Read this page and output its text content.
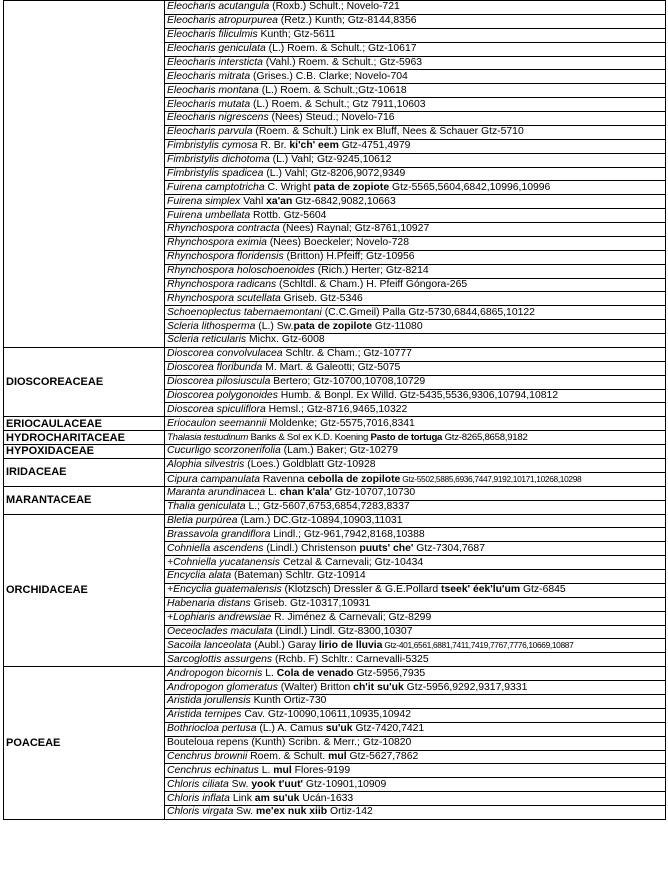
	Eleocharis acutangula (Roxb.) Schult.; Novelo-721
	Eleocharis atropurpurea (Retz.) Kunth; Gtz-8144,8356
	Eleocharis filiculmis Kunth; Gtz-5611
	Eleocharis geniculata (L.) Roem. & Schult.; Gtz-10617
	Eleocharis intersticta (Vahl.) Roem. & Schult.; Gtz-5963
	Eleocharis mitrata (Grises.) C.B. Clarke; Novelo-704
	Eleocharis montana (L.) Roem. & Schult.;Gtz-10618
	Eleocharis mutata (L.) Roem. & Schult.; Gtz 7911,10603
	Eleocharis nigrescens (Nees) Steud.; Novelo-716
	Eleocharis parvula (Roem. & Schult.) Link ex Bluff, Nees & Schauer Gtz-5710
	Fimbristylis cymosa R. Br. ki'ch' eem Gtz-4751,4979
	Fimbristylis dichotoma (L.) Vahl; Gtz-9245,10612
	Fimbristylis spadicea (L.) Vahl; Gtz-8206,9072,9349
	Fuirena camptotricha C. Wright pata de zopiote Gtz-5565,5604,6842,10996,10996
	Fuirena simplex Vahl xa'an Gtz-6842,9082,10663
	Fuirena umbellata Rottb. Gtz-5604
	Rhynchospora contracta (Nees) Raynal; Gtz-8761,10927
	Rhynchospora eximia (Nees) Boeckeler; Novelo-728
	Rhynchospora floridensis (Britton) H.Pfeiff; Gtz-10956
	Rhynchospora holoschoenoides (Rich.) Herter; Gtz-8214
	Rhynchospora radicans (Schltdl. & Cham.) H. Pfeiff Góngora-265
	Rhynchospora scutellata Griseb. Gtz-5346
	Schoenoplectus tabernaemontani (C.C.Gmeil) Palla Gtz-5730,6844,6865,10122
	Scleria lithosperma (L.) Sw.pata de zopilote Gtz-11080
	Scleria reticularis Michx. Gtz-6008
DIOSCOREACEAE	Dioscorea convolvulacea Schltr. & Cham.; Gtz-10777
	Dioscorea floribunda M. Mart. & Galeotti; Gtz-5075
	Dioscorea pilosiuscula Bertero; Gtz-10700,10708,10729
	Dioscorea polygonoides Humb. & Bonpl. Ex Willd. Gtz-5435,5536,9306,10794,10812
	Dioscorea spiculiflora Hemsl.; Gtz-8716,9465,10322
ERIOCAULACEAE	Eriocaulon seemannii Moldenke; Gtz-5575,7016,8341
HYDROCHARITACEAE	Thalasia testudinum Banks & Sol ex K.D. Koening Pasto de tortuga Gtz-8265,8658,9182
HYPOXIDACEAE	Cucurligo scorzonerifolia (Lam.) Baker; Gtz-10279
IRIDACEAE	Alophia silvestris (Loes.) Goldblatt Gtz-10928
	Cipura campanulata Ravenna cebolla de zopilote Gtz-5502,5885,6936,7447,9192,10171,10268,10298
MARANTACEAE	Maranta arundinacea L. chan k'ala' Gtz-10707,10730
	Thalia geniculata L.; Gtz-5607,6753,6854,7283,8337
ORCHIDACEAE	Bletia purpúrea (Lam.) DC.Gtz-10894,10903,11031
	Brassavola grandiflora Lindl.; Gtz-961,7942,8168,10388
	Cohniella ascendens (Lindl.) Christenson puuts' che' Gtz-7304,7687
	+Cohniella yucatanensis Cetzal & Carnevali; Gtz-10434
	Encyclia alata (Bateman) Schltr. Gtz-10914
	+Encyclia guatemalensis (Klotzsch) Dressler & G.E.Pollard tseek' éek'lu'um Gtz-6845
	Habenaria distans Griseb. Gtz-10317,10931
	+Lophiaris andrewsiae R. Jiménez & Carnevali; Gtz-8299
	Oeceoclades maculata (Lindl.) Lindl. Gtz-8300,10307
	Sacoila lanceolata (Aubl.) Garay lirio de lluvia Gtz-401,6561,6881,7411,7419,7767,7776,10669,10887
	Sarcoglottis assurgens (Rchb. F) Schltr.: Carnevalli-5325
POACEAE	Andropogon bicornis L. Cola de venado Gtz-5956,7935
	Andropogon glomeratus (Walter) Britton ch'it su'uk Gtz-5956,9292,9317,9331
	Aristida jorullensis Kunth Ortiz-730
	Aristida ternipes Cav. Gtz-10090,10611,10935,10942
	Bothriocloa pertusa (L.) A. Camus su'uk Gtz-7420,7421
	Bouteloua repens (Kunth) Scribn. & Merr.; Gtz-10820
	Cenchrus brownii Roem. & Schult. mul Gtz-5627,7862
	Cenchrus echinatus L. mul Flores-9199
	Chloris ciliata Sw. yook t'uut' Gtz-10901,10909
	Chloris inflata Link am su'uk Ucán-1633
	Chloris virgata Sw. me'ex nuk xiib Ortiz-142
